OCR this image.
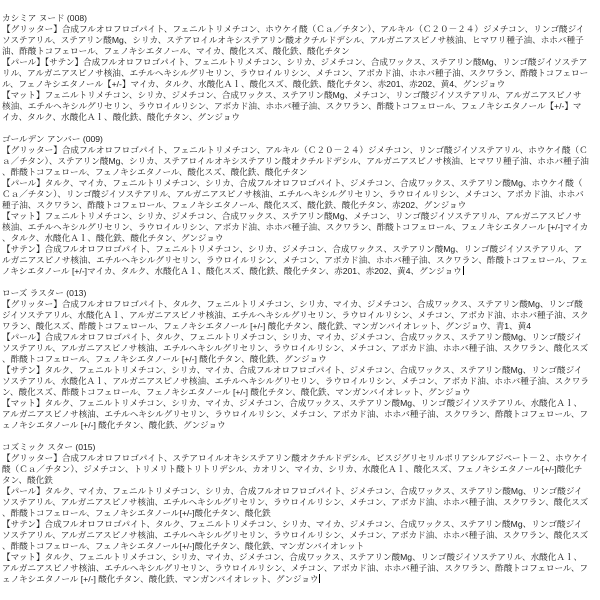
カシミア ヌード (008)

【グリッター】合成フルオロフロゴパイト、フェニルトリメチコン、ホウケイ酸（Ｃａ／チタン）、アルキル（Ｃ２０－２４）ジメチコン、リンゴ酸ジイソステアリル、ステアリン酸Mg、シリカ、ステアロイルオキシステアリン酸オクチルドデシル、アルガニアスピノサ核油、ヒマワリ種子油、ホホバ種子油、酢酸トコフェロール、フェノキシエタノール、マイカ、酸化スズ、酸化鉄、酸化チタン

【パール】【サテン】合成フルオロフロゴパイト、フェニルトリメチコン、シリカ、ジメチコン、合成ワックス、ステアリン酸Mg、リンゴ酸ジイソステアリル、アルガニアスピノサ核油、エチルヘキシルグリセリン、ラウロイルリシン、メチコン、アボカド油、ホホバ種子油、スクワラン、酢酸トコフェロール、フェノキシエタノール【+/-】マイカ、タルク、水酸化Ａｌ、酸化スズ、酸化鉄、酸化チタン、赤201、赤202、黄4、グンジョウ

【マット】フェニルトリメチコン、シリカ、ジメチコン、合成ワックス、ステアリン酸Mg、メチコン、リンゴ酸ジイソステアリル、アルガニアスピノサ核油、エチルヘキシルグリセリン、ラウロイルリシン、アボカド油、ホホバ種子油、スクワラン、酢酸トコフェロール、フェノキシエタノール【+/-】マイカ、タルク、水酸化Ａｌ、酸化鉄、酸化チタン、グンジョウ

ゴールデン アンバー (009)

【グリッター】合成フルオロフロゴパイト、フェニルトリメチコン、アルキル（Ｃ２０－２４）ジメチコン、リンゴ酸ジイソステアリル、ホウケイ酸（Ｃａ／チタン）、ステアリン酸Mg、シリカ、ステアロイルオキシステアリン酸オクチルドデシル、アルガニアスピノサ核油、ヒマワリ種子油、ホホバ種子油、酢酸トコフェロール、フェノキシエタノール、酸化スズ、酸化鉄、酸化チタン

【パール】タルク、マイカ、フェニルトリメチコン、シリカ、合成フルオロフロゴパイト、ジメチコン、合成ワックス、ステアリン酸Mg、ホウケイ酸（Ｃａ／チタン）、リンゴ酸ジイソステアリル、アルガニアスピノサ核油、エチルヘキシルグリセリン、ラウロイルリシン、メチコン、アボカド油、ホホバ種子油、スクワラン、酢酸トコフェロール、フェノキシエタノール、酸化スズ、酸化鉄、酸化チタン、赤202、グンジョウ

【マット】フェニルトリメチコン、シリカ、ジメチコン、合成ワックス、ステアリン酸Mg、メチコン、リンゴ酸ジイソステアリル、アルガニアスピノサ核油、エチルヘキシルグリセリン、ラウロイルリシン、アボカド油、ホホバ種子油、スクワラン、酢酸トコフェロール、フェノキシエタノール [+/-]マイカ、タルク、水酸化Ａｌ、酸化鉄、酸化チタン、グンジョウ

【サテン】合成フルオロフロゴパイト、フェニルトリメチコン、シリカ、ジメチコン、合成ワックス、ステアリン酸Mg、リンゴ酸ジイソステアリル、アルガニアスピノサ核油、エチルヘキシルグリセリン、ラウロイルリシン、メチコン、アボカド油、ホホバ種子油、スクワラン、酢酸トコフェロール、フェノキシエタノール [+/-]マイカ、タルク、水酸化Ａｌ、酸化スズ、酸化鉄、酸化チタン、赤201、赤202、黄4、グンジョウ

ローズ ラスター (013)

【グリッター】合成フルオロフロゴパイト、タルク、フェニルトリメチコン、シリカ、マイカ、ジメチコン、合成ワックス、ステアリン酸Mg、リンゴ酸ジイソステアリル、水酸化Ａｌ、アルガニアスピノサ核油、エチルヘキシルグリセリン、ラウロイルリシン、メチコン、アボカド油、ホホバ種子油、スクワラン、酸化スズ、酢酸トコフェロール、フェノキシエタノール [+/-] 酸化チタン、酸化鉄、マンガンバイオレット、グンジョウ、青1、黄4

【パール】合成フルオロフロゴパイト、タルク、フェニルトリメチコン、シリカ、マイカ、ジメチコン、合成ワックス、ステアリン酸Mg、リンゴ酸ジイソステアリル、アルガニアスピノサ核油、エチルヘキシルグリセリン、ラウロイルリシン、メチコン、アボカド油、ホホバ種子油、スクワラン、酸化スズ、酢酸トコフェロール、フェノキシエタノール [+/-] 酸化チタン、酸化鉄、グンジョウ

【サテン】タルク、フェニルトリメチコン、シリカ、マイカ、合成フルオロフロゴパイト、ジメチコン、合成ワックス、ステアリン酸Mg、リンゴ酸ジイソステアリル、水酸化Ａｌ、アルガニアスピノサ核油、エチルヘキシルグリセリン、ラウロイルリシン、メチコン、アボカド油、ホホバ種子油、スクワラン、酸化スズ、酢酸トコフェロール、フェノキシエタノール [+/-] 酸化チタン、酸化鉄、マンガンバイオレット、グンジョウ

【マット】タルク、フェニルトリメチコン、シリカ、マイカ、ジメチコン、合成ワックス、ステアリン酸Mg、リンゴ酸ジイソステアリル、水酸化Ａｌ、アルガニアスピノサ核油、エチルヘキシルグリセリン、ラウロイルリシン、メチコン、アボカド油、ホホバ種子油、スクワラン、酢酸トコフェロール、フェノキシエタノール [+/-] 酸化チタン、酸化鉄、グンジョウ

コズミック スター (015)

【グリッター】合成フルオロフロゴパイト、ステアロイルオキシステアリン酸オクチルドデシル、ビスジグリセリルポリアシルアジペート－２、ホウケイ酸（Ｃａ／チタン）、ジメチコン、トリメリト酸トリトリデシル、カオリン、マイカ、シリカ、水酸化Ａｌ、酸化スズ、フェノキシエタノール[+/-]酸化チタン、酸化鉄

【パール】タルク、マイカ、フェニルトリメチコン、シリカ、合成フルオロフロゴパイト、ジメチコン、合成ワックス、ステアリン酸Mg、リンゴ酸ジイソステアリル、アルガニアスピノサ核油、エチルヘキシルグリセリン、ラウロイルリシン、メチコン、アボカド油、ホホバ種子油、スクワラン、酸化スズ、酢酸トコフェロール、フェノキシエタノール[+/-]酸化チタン、酸化鉄

【サテン】合成フルオロフロゴパイト、タルク、フェニルトリメチコン、シリカ、マイカ、ジメチコン、合成ワックス、ステアリン酸Mg、リンゴ酸ジイソステアリル、アルガニアスピノサ核油、エチルヘキシルグリセリン、ラウロイルリシン、メチコン、アボカド油、ホホバ種子油、スクワラン、酸化スズ、酢酸トコフェロール、フェノキシエタノール[+/-]酸化チタン、酸化鉄、マンガンバイオレット

【マット】タルク、フェニルトリメチコン、シリカ、マイカ、ジメチコン、合成ワックス、ステアリン酸Mg、リンゴ酸ジイソステアリル、水酸化Ａｌ、アルガニアスピノサ核油、エチルヘキシルグリセリン、ラウロイルリシン、メチコン、アボカド油、ホホバ種子油、スクワラン、酢酸トコフェロール、フェノキシエタノール [+/-] 酸化チタン、酸化鉄、マンガンバイオレット、グンジョウ
